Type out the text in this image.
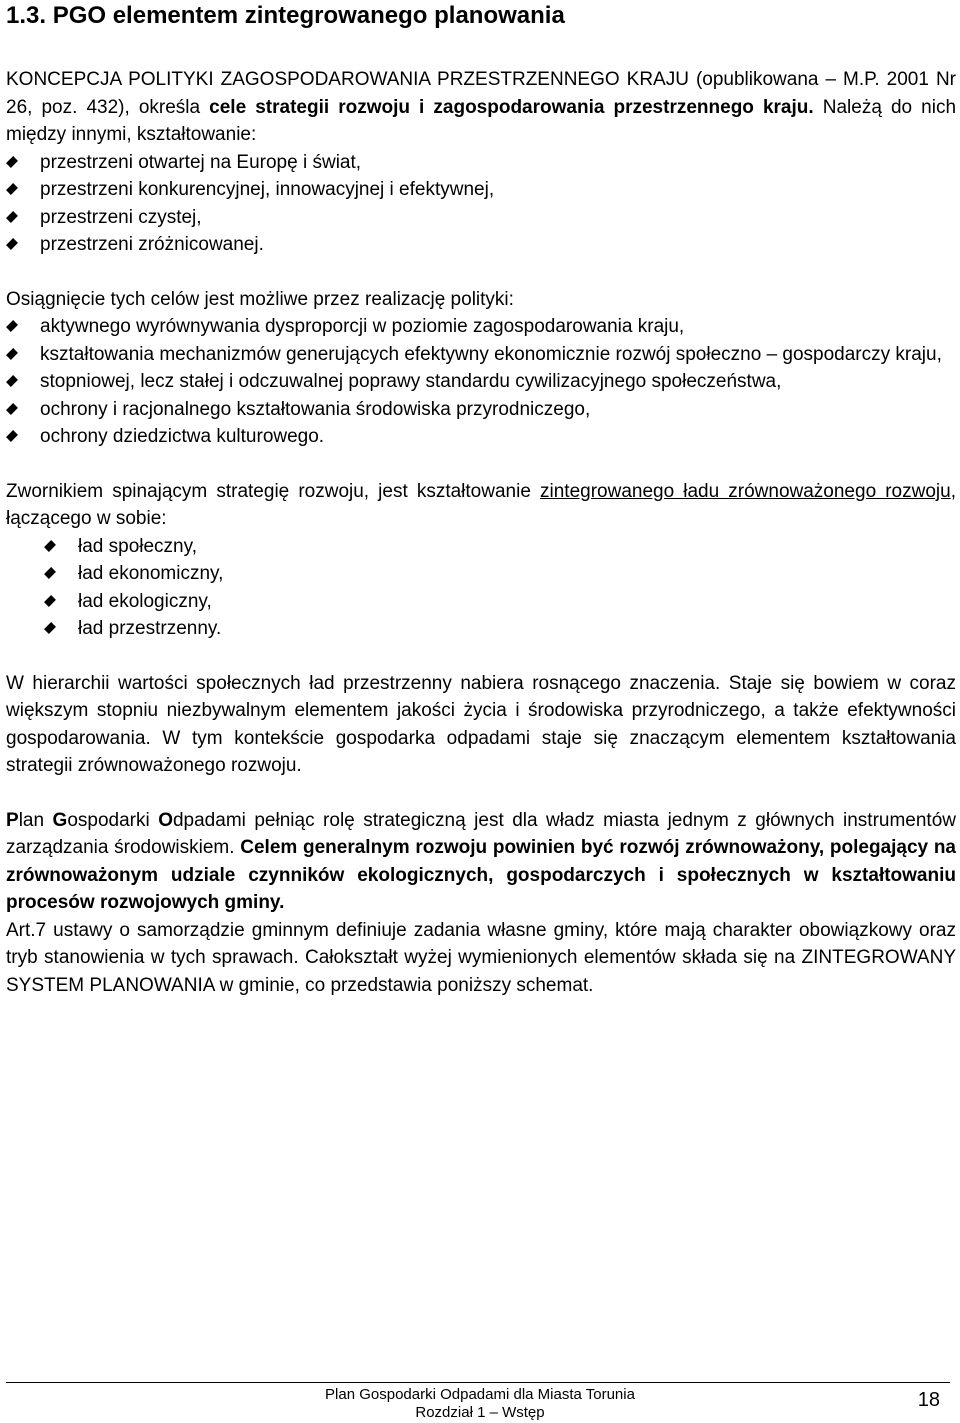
1.3. PGO elementem zintegrowanego planowania

KONCEPCJA POLITYKI ZAGOSPODAROWANIA PRZESTRZENNEGO KRAJU (opublikowana – M.P. 2001 Nr 26, poz. 432), określa cele strategii rozwoju i zagospodarowania przestrzennego kraju. Należą do nich między innymi, kształtowanie:

przestrzeni otwartej na Europę i świat,
przestrzeni konkurencyjnej, innowacyjnej i efektywnej,
przestrzeni czystej,
przestrzeni zróżnicowanej.

Osiągnięcie tych celów jest możliwe przez realizację polityki:

aktywnego wyrównywania dysproporcji w poziomie zagospodarowania kraju,
kształtowania mechanizmów generujących efektywny ekonomicznie rozwój społeczno – gospodarczy kraju,
stopniowej, lecz stałej i odczuwalnej poprawy standardu cywilizacyjnego społeczeństwa,
ochrony i racjonalnego kształtowania środowiska przyrodniczego,
ochrony dziedzictwa kulturowego.

Zwornikiem spinającym strategię rozwoju, jest kształtowanie zintegrowanego ładu zrównoważonego rozwoju, łączącego w sobie:

ład społeczny,
ład ekonomiczny,
ład ekologiczny,
ład przestrzenny.

W hierarchii wartości społecznych ład przestrzenny nabiera rosnącego znaczenia. Staje się bowiem w coraz większym stopniu niezbywalnym elementem jakości życia i środowiska przyrodniczego, a także efektywności gospodarowania. W tym kontekście gospodarka odpadami staje się znaczącym elementem kształtowania strategii zrównoważonego rozwoju.

Plan Gospodarki Odpadami pełniąc rolę strategiczną jest dla władz miasta jednym z głównych instrumentów zarządzania środowiskiem. Celem generalnym rozwoju powinien być rozwój zrównoważony, polegający na zrównoważonym udziale czynników ekologicznych, gospodarczych i społecznych w kształtowaniu procesów rozwojowych gminy.

Art.7 ustawy o samorządzie gminnym definiuje zadania własne gminy, które mają charakter obowiązkowy oraz tryb stanowienia w tych sprawach. Całokształt wyżej wymienionych elementów składa się na ZINTEGROWANY SYSTEM PLANOWANIA w gminie, co przedstawia poniższy schemat.

Plan Gospodarki Odpadami dla Miasta Torunia
Rozdział 1 – Wstęp
18
